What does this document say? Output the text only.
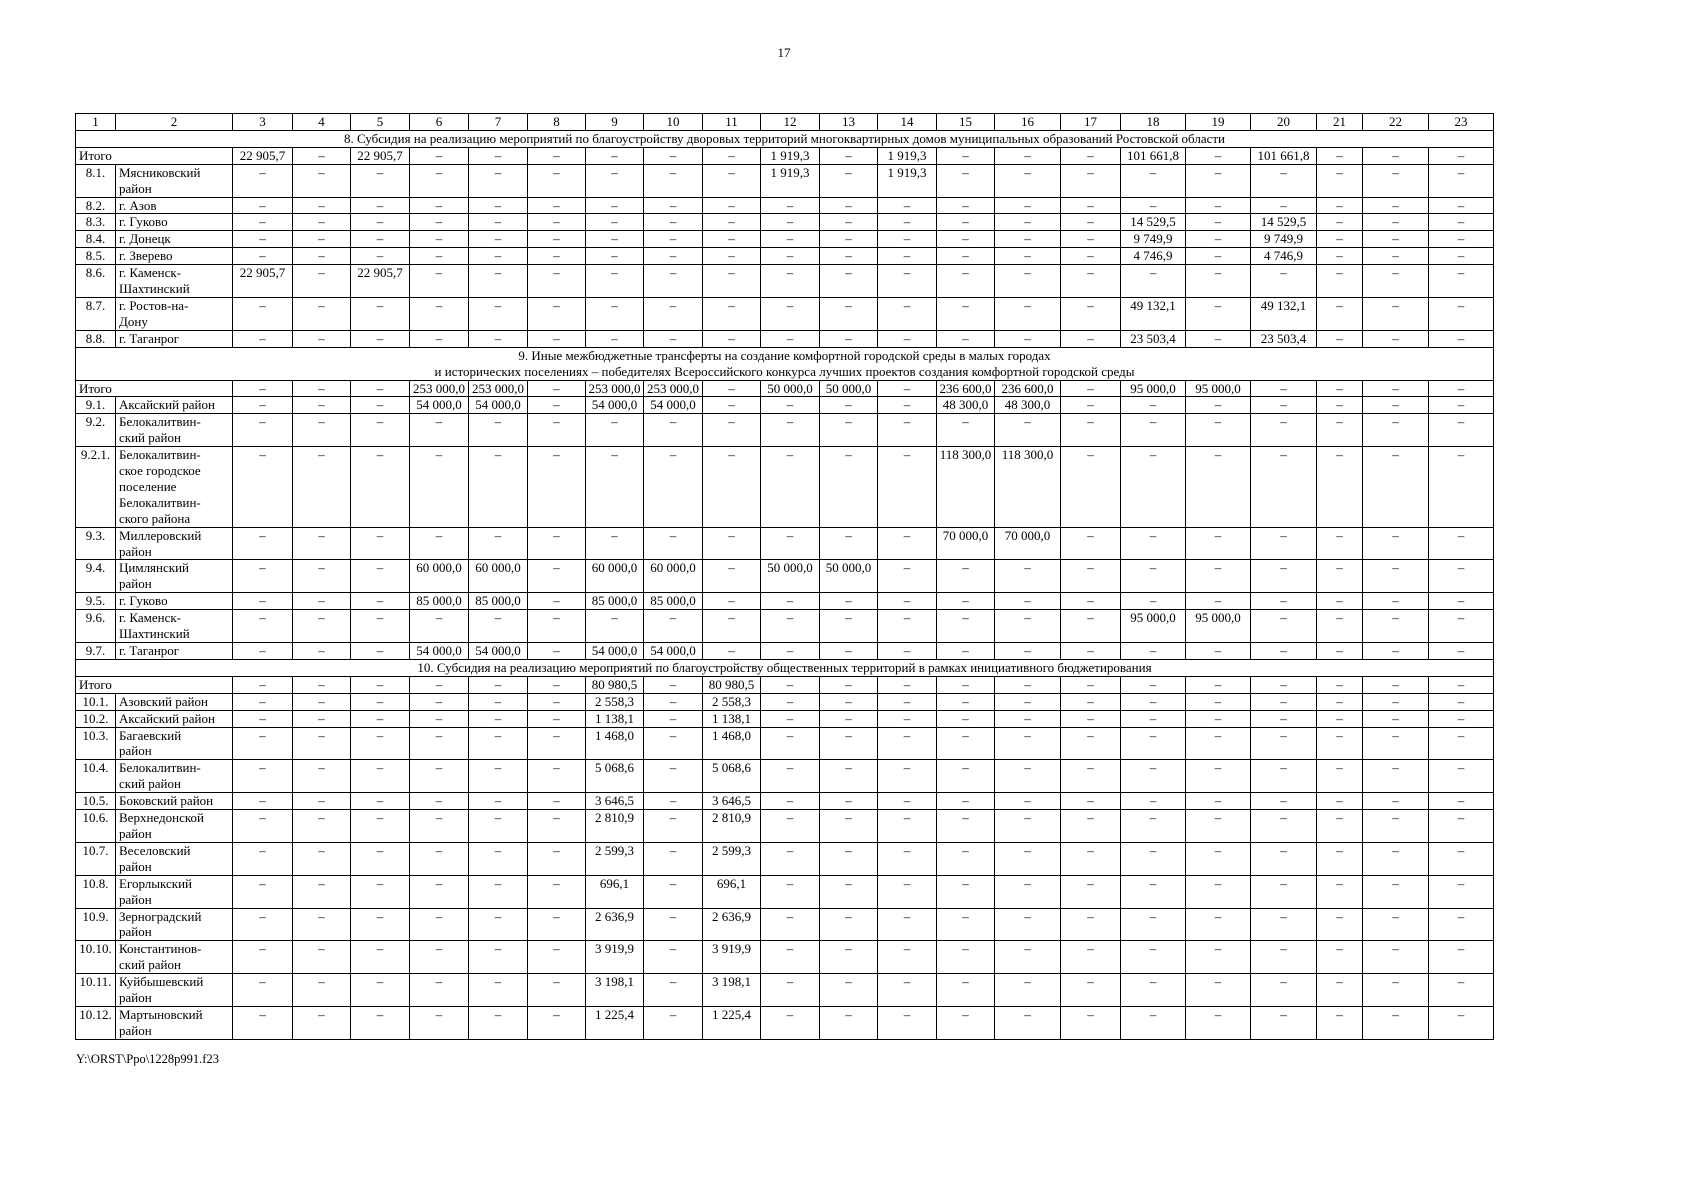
17
1	2	3	4	5	6	7	8	9	10	11	12	13	14	15	16	17	18	19	20	21	22	23

8. Субсидия на реализацию мероприятий по благоустройству дворовых территорий многоквартирных домов муниципальных образований Ростовской области																						

Итого		22 905,7	–	22 905,7	–	–	–	–	–	–	1 919,3	–	1 919,3	–	–	–	101 661,8	–	101 661,8	–	–	–
8.1.	Мясниковский
район	–	–	–	–	–	–	–	–	–	1 919,3	–	1 919,3	–	–	–	–	–	–	–	–	–
8.2.	г. Азов	–	–	–	–	–	–	–	–	–	–	–	–	–	–	–	–	–	–	–	–	–
8.3.	г. Гуково	–	–	–	–	–	–	–	–	–	–	–	–	–	–	–	14 529,5	–	14 529,5	–	–	–
8.4.	г. Донецк	–	–	–	–	–	–	–	–	–	–	–	–	–	–	–	9 749,9	–	9 749,9	–	–	–
8.5.	г. Зверево	–	–	–	–	–	–	–	–	–	–	–	–	–	–	–	4 746,9	–	4 746,9	–	–	–
8.6.	г. Каменск-
Шахтинский	22 905,7	–	22 905,7	–	–	–	–	–	–	–	–	–	–	–	–	–	–	–	–	–	–
8.7.	г. Ростов-на-
Дону	–	–	–	–	–	–	–	–	–	–	–	–	–	–	–	49 132,1	–	49 132,1	–	–	–
8.8.	г. Таганрог	–	–	–	–	–	–	–	–	–	–	–	–	–	–	–	23 503,4	–	23 503,4	–	–	–

9. Иные межбюджетные трансферты на создание комфортной городской среды в малых городах
и исторических поселениях – победителях Всероссийского конкурса лучших проектов создания комфортной городской среды																						

Итого		–	–	–	253 000,0	253 000,0	–	253 000,0	253 000,0	–	50 000,0	50 000,0	–	236 600,0	236 600,0	–	95 000,0	95 000,0	–	–	–	–
9.1.	Аксайский район	–	–	–	54 000,0	54 000,0	–	54 000,0	54 000,0	–	–	–	–	48 300,0	48 300,0	–	–	–	–	–	–	–
9.2.	Белокалитвин-
ский район	–	–	–	–	–	–	–	–	–	–	–	–	–	–	–	–	–	–	–	–	–
9.2.1.	Белокалитвин-
ское городское
поселение
Белокалитвин-
ского района	–	–	–	–	–	–	–	–	–	–	–	–	118 300,0	118 300,0	–	–	–	–	–	–	–
9.3.	Миллеровский
район	–	–	–	–	–	–	–	–	–	–	–	–	70 000,0	70 000,0	–	–	–	–	–	–	–
9.4.	Цимлянский
район	–	–	–	60 000,0	60 000,0	–	60 000,0	60 000,0	–	50 000,0	50 000,0	–	–	–	–	–	–	–	–	–	–
9.5.	г. Гуково	–	–	–	85 000,0	85 000,0	–	85 000,0	85 000,0	–	–	–	–	–	–	–	–	–	–	–	–	–
9.6.	г. Каменск-
Шахтинский	–	–	–	–	–	–	–	–	–	–	–	–	–	–	–	95 000,0	95 000,0	–	–	–	–
9.7.	г. Таганрог	–	–	–	54 000,0	54 000,0	–	54 000,0	54 000,0	–	–	–	–	–	–	–	–	–	–	–	–	–

10. Субсидия на реализацию мероприятий по благоустройству общественных территорий в рамках инициативного бюджетирования																						

Итого		–	–	–	–	–	–	80 980,5	–	80 980,5	–	–	–	–	–	–	–	–	–	–	–	–
10.1.	Азовский район	–	–	–	–	–	–	2 558,3	–	2 558,3	–	–	–	–	–	–	–	–	–	–	–	–
10.2.	Аксайский район	–	–	–	–	–	–	1 138,1	–	1 138,1	–	–	–	–	–	–	–	–	–	–	–	–
10.3.	Багаевский
район	–	–	–	–	–	–	1 468,0	–	1 468,0	–	–	–	–	–	–	–	–	–	–	–	–
10.4.	Белокалитвин-
ский район	–	–	–	–	–	–	5 068,6	–	5 068,6	–	–	–	–	–	–	–	–	–	–	–	–
10.5.	Боковский район	–	–	–	–	–	–	3 646,5	–	3 646,5	–	–	–	–	–	–	–	–	–	–	–	–
10.6.	Верхнедонской
район	–	–	–	–	–	–	2 810,9	–	2 810,9	–	–	–	–	–	–	–	–	–	–	–	–
10.7.	Веселовский
район	–	–	–	–	–	–	2 599,3	–	2 599,3	–	–	–	–	–	–	–	–	–	–	–	–
10.8.	Егорлыкский
район	–	–	–	–	–	–	696,1	–	696,1	–	–	–	–	–	–	–	–	–	–	–	–
10.9.	Зерноградский
район	–	–	–	–	–	–	2 636,9	–	2 636,9	–	–	–	–	–	–	–	–	–	–	–	–
10.10.	Константинов-
ский район	–	–	–	–	–	–	3 919,9	–	3 919,9	–	–	–	–	–	–	–	–	–	–	–	–
10.11.	Куйбышевский
район	–	–	–	–	–	–	3 198,1	–	3 198,1	–	–	–	–	–	–	–	–	–	–	–	–
10.12.	Мартыновский
район	–	–	–	–	–	–	1 225,4	–	1 225,4	–	–	–	–	–	–	–	–	–	–	–	–
Y:\ORST\Ppo\1228p991.f23
